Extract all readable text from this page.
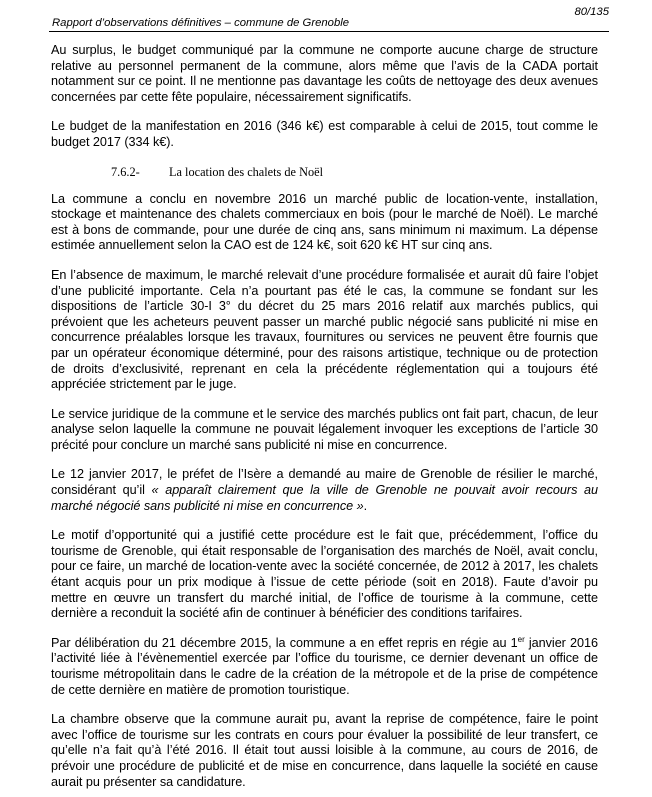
Rapport d’observations définitives – commune de Grenoble
80/135

Au surplus, le budget communiqué par la commune ne comporte aucune charge de structure relative au personnel permanent de la commune, alors même que l’avis de la CADA portait notamment sur ce point. Il ne mentionne pas davantage les coûts de nettoyage des deux avenues concernées par cette fête populaire, nécessairement significatifs.

Le budget de la manifestation en 2016 (346 k€) est comparable à celui de 2015, tout comme le budget 2017 (334 k€).

7.6.2- La location des chalets de Noël

La commune a conclu en novembre 2016 un marché public de location-vente, installation, stockage et maintenance des chalets commerciaux en bois (pour le marché de Noël). Le marché est à bons de commande, pour une durée de cinq ans, sans minimum ni maximum. La dépense estimée annuellement selon la CAO est de 124 k€, soit 620 k€ HT sur cinq ans.

En l’absence de maximum, le marché relevait d’une procédure formalisée et aurait dû faire l’objet d’une publicité importante. Cela n’a pourtant pas été le cas, la commune se fondant sur les dispositions de l’article 30-I 3° du décret du 25 mars 2016 relatif aux marchés publics, qui prévoient que les acheteurs peuvent passer un marché public négocié sans publicité ni mise en concurrence préalables lorsque les travaux, fournitures ou services ne peuvent être fournis que par un opérateur économique déterminé, pour des raisons artistique, technique ou de protection de droits d’exclusivité, reprenant en cela la précédente réglementation qui a toujours été appréciée strictement par le juge.

Le service juridique de la commune et le service des marchés publics ont fait part, chacun, de leur analyse selon laquelle la commune ne pouvait légalement invoquer les exceptions de l’article 30 précité pour conclure un marché sans publicité ni mise en concurrence.

Le 12 janvier 2017, le préfet de l’Isère a demandé au maire de Grenoble de résilier le marché, considérant qu’il « apparaît clairement que la ville de Grenoble ne pouvait avoir recours au marché négocié sans publicité ni mise en concurrence ».

Le motif d’opportunité qui a justifié cette procédure est le fait que, précédemment, l’office du tourisme de Grenoble, qui était responsable de l’organisation des marchés de Noël, avait conclu, pour ce faire, un marché de location-vente avec la société concernée, de 2012 à 2017, les chalets étant acquis pour un prix modique à l’issue de cette période (soit en 2018). Faute d’avoir pu mettre en œuvre un transfert du marché initial, de l’office de tourisme à la commune, cette dernière a reconduit la société afin de continuer à bénéficier des conditions tarifaires.

Par délibération du 21 décembre 2015, la commune a en effet repris en régie au 1er janvier 2016 l’activité liée à l’évènementiel exercée par l’office du tourisme, ce dernier devenant un office de tourisme métropolitain dans le cadre de la création de la métropole et de la prise de compétence de cette dernière en matière de promotion touristique.

La chambre observe que la commune aurait pu, avant la reprise de compétence, faire le point avec l’office de tourisme sur les contrats en cours pour évaluer la possibilité de leur transfert, ce qu’elle n’a fait qu’à l’été 2016. Il était tout aussi loisible à la commune, au cours de 2016, de prévoir une procédure de publicité et de mise en concurrence, dans laquelle la société en cause aurait pu présenter sa candidature.
